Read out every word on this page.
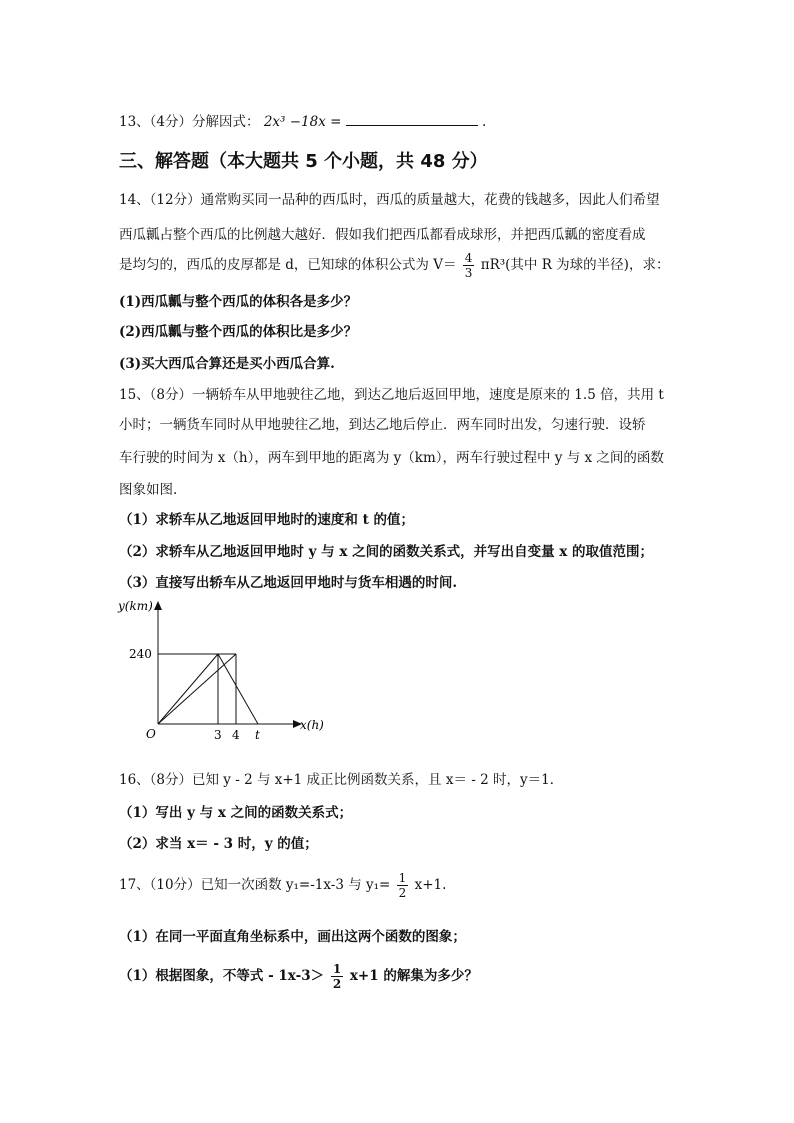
13、（4分）分解因式： 2x³ −18x =	.
三、解答题（本大题共 5 个小题，共 48 分）
14、（12分）通常购买同一品种的西瓜时，西瓜的质量越大，花费的钱越多，因此人们希望
西瓜瓤占整个西瓜的比例越大越好．假如我们把西瓜都看成球形，并把西瓜瓤的密度看成
是均匀的，西瓜的皮厚都是 d，已知球的体积公式为 $V= \frac{4}{3} \pi R^3$(其中 R 为球的半径)，求：
(1)西瓜瓤与整个西瓜的体积各是多少？
(2)西瓜瓤与整个西瓜的体积比是多少？
(3)买大西瓜合算还是买小西瓜合算.
15、（8分）一辆轿车从甲地驶往乙地，到达乙地后返回甲地，速度是原来的 1.5 倍，共用 t
小时；一辆货车同时从甲地驶往乙地，到达乙地后停止．两车同时出发，匀速行驶．设轿
车行驶的时间为 x（h），两车到甲地的距离为 y（km），两车行驶过程中 y 与 x 之间的函数
图象如图.
（1）求轿车从乙地返回甲地时的速度和 t 的值；
（2）求轿车从乙地返回甲地时 y 与 x 之间的函数关系式，并写出自变量 x 的取值范围；
（3）直接写出轿车从乙地返回甲地时与货车相遇的时间.
y(km)
x(h)
240
O	3 4 t
16、（8分）已知 y - 2 与 x+1 成正比例函数关系，且 x＝ - 2 时，y＝1．
（1）写出 y 与 x 之间的函数关系式；
（2）求当 x＝ - 3 时，y 的值；
17、（10分）已知一次函数 y₁=-1x-3 与 $y_1= \frac{1}{2} x+1$.
（1）在同一平面直角坐标系中，画出这两个函数的图象；
（1）根据图象，不等式 - $1x-3> \frac{1}{2} x+1$ 的解集为多少？
